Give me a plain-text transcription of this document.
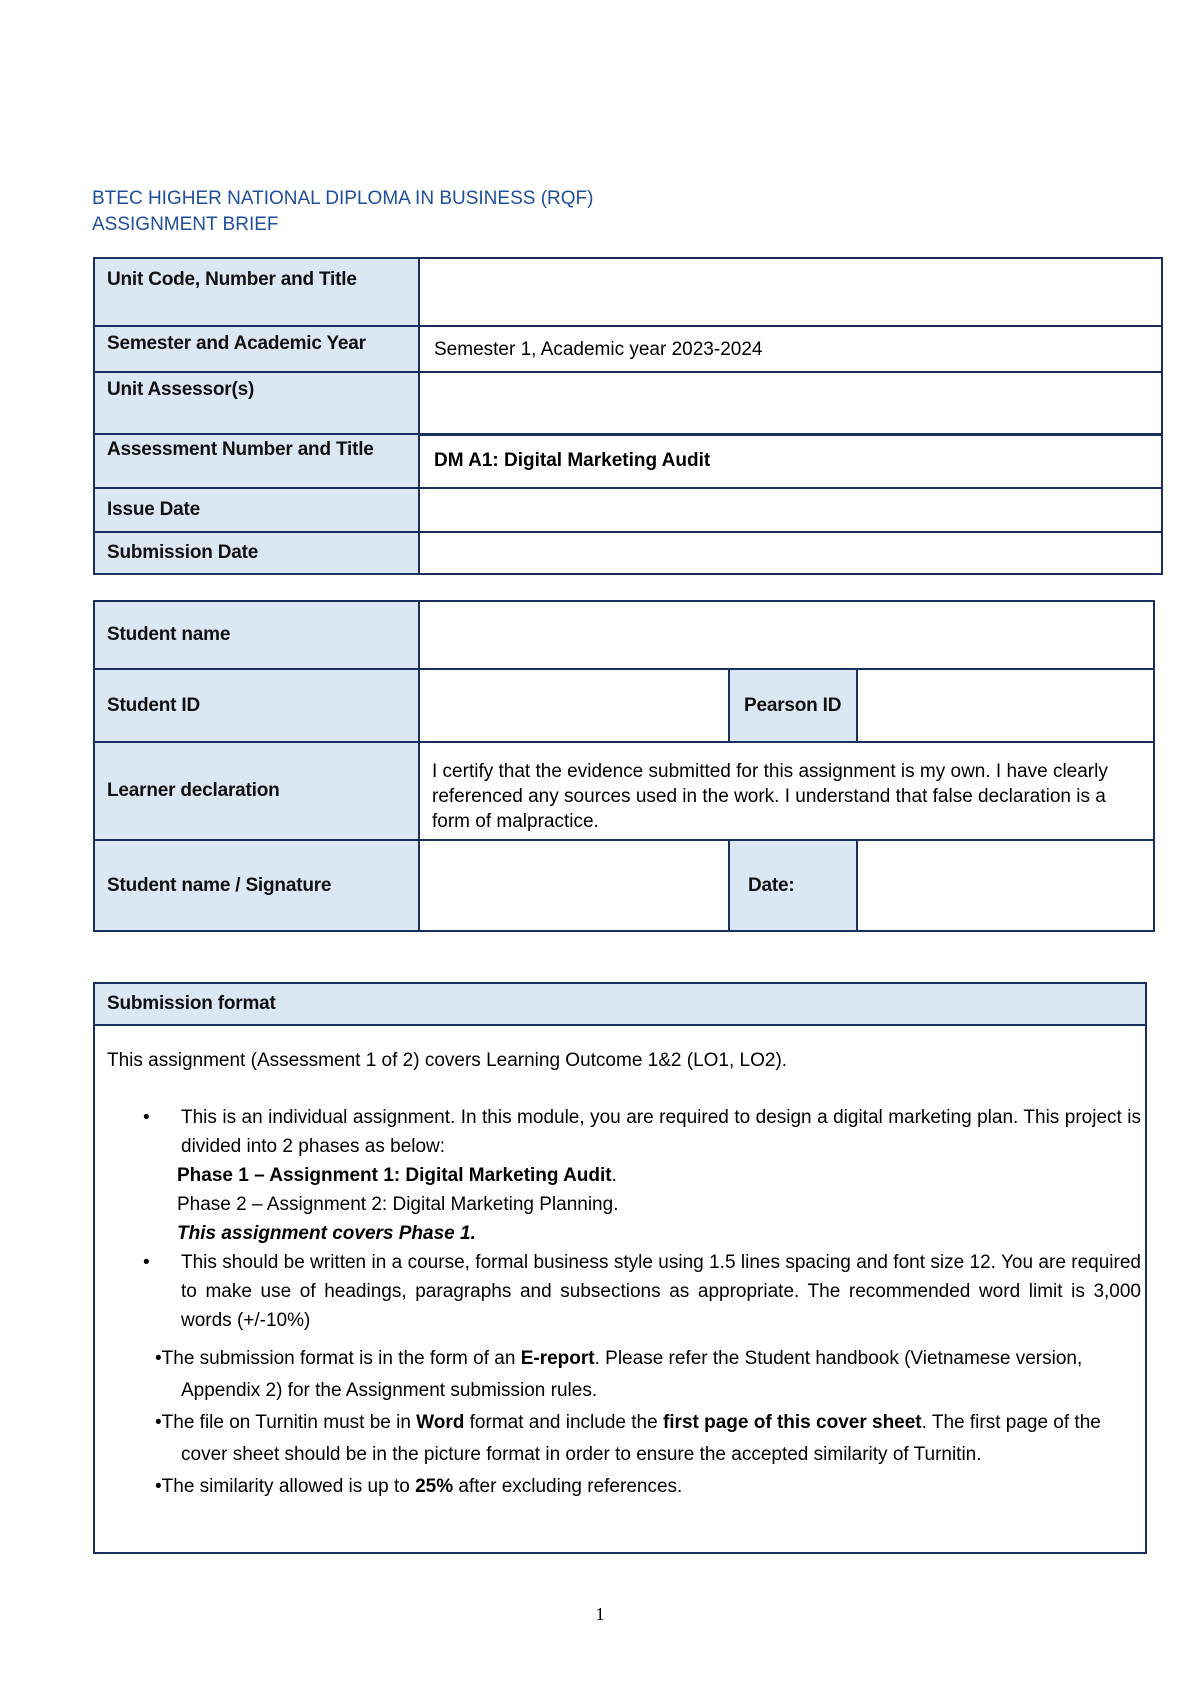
BTEC HIGHER NATIONAL DIPLOMA IN BUSINESS (RQF)
ASSIGNMENT BRIEF
Unit Code, Number and Title	
Semester and Academic Year	Semester 1, Academic year 2023-2024
Unit Assessor(s)	
Assessment Number and Title	DM A1: Digital Marketing Audit
Issue Date	
Submission Date	
Student name			
Student ID		Pearson ID	
Learner declaration	I certify that the evidence submitted for this assignment is my own. I have clearly referenced any sources used in the work. I understand that false declaration is a form of malpractice.		
Student name / Signature		Date:	
Submission format

This assignment (Assessment 1 of 2) covers Learning Outcome 1&2 (LO1, LO2).
• This is an individual assignment. In this module, you are required to design a digital marketing plan. This project is divided into 2 phases as below:
Phase 1 – Assignment 1: Digital Marketing Audit.
Phase 2 – Assignment 2: Digital Marketing Planning.
This assignment covers Phase 1.
• This should be written in a course, formal business style using 1.5 lines spacing and font size 12. You are required to make use of headings, paragraphs and subsections as appropriate. The recommended word limit is 3,000 words (+/-10%)
•The submission format is in the form of an E-report. Please refer the Student handbook (Vietnamese version, Appendix 2) for the Assignment submission rules.
•The file on Turnitin must be in Word format and include the first page of this cover sheet. The first page of the cover sheet should be in the picture format in order to ensure the accepted similarity of Turnitin.
•The similarity allowed is up to 25% after excluding references.
1
